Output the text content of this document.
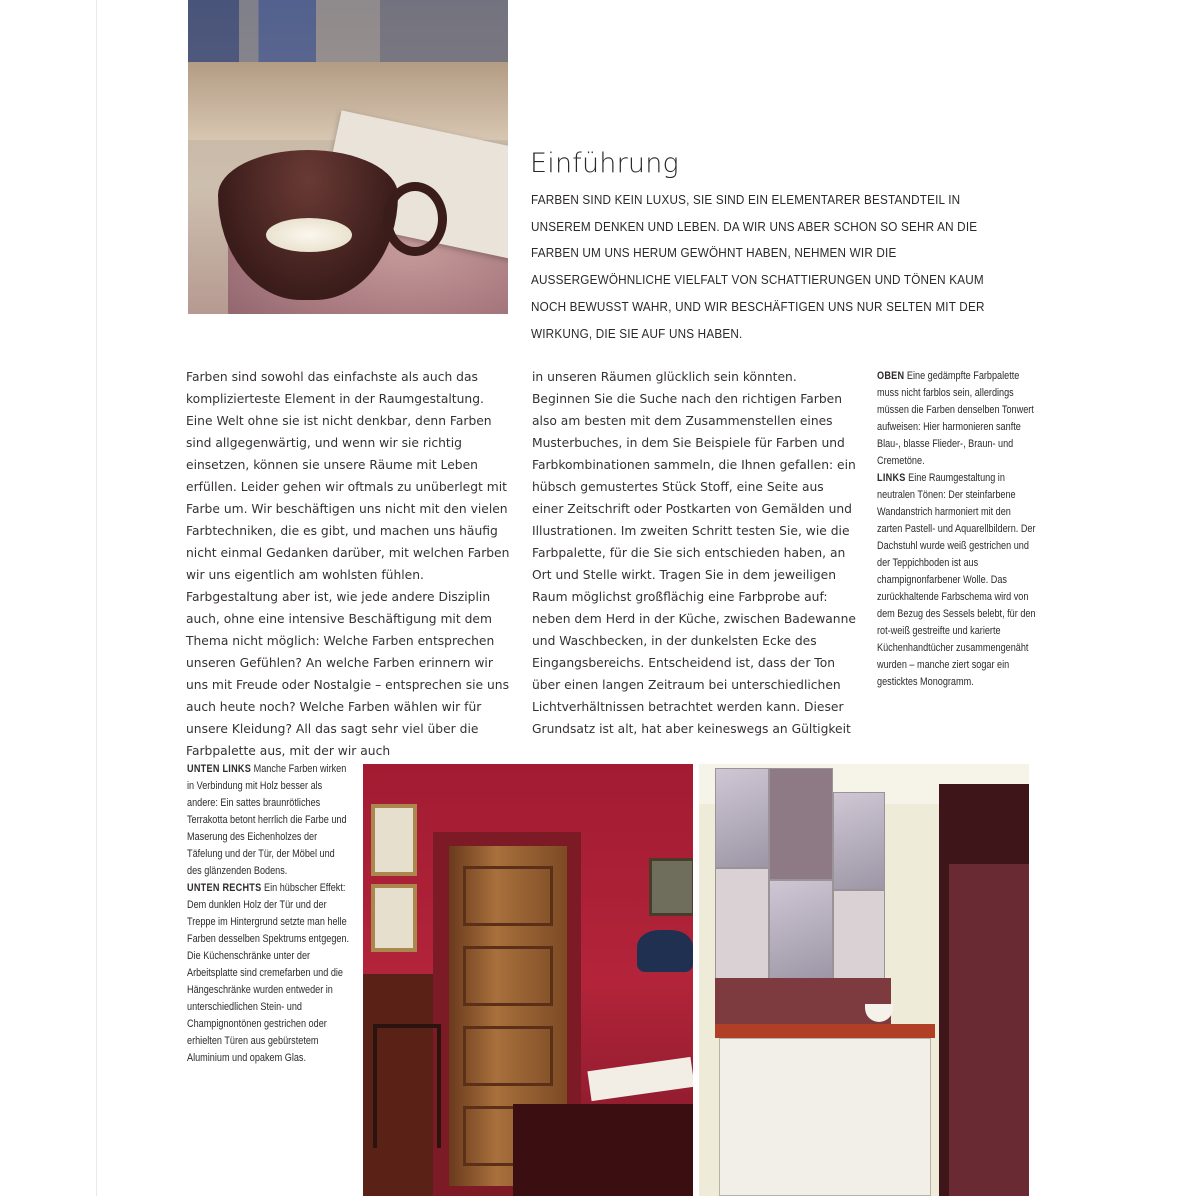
Einführung

FARBEN SIND KEIN LUXUS, SIE SIND EIN ELEMENTARER BESTANDTEIL IN UNSEREM DENKEN UND LEBEN. DA WIR UNS ABER SCHON SO SEHR AN DIE FARBEN UM UNS HERUM GEWÖHNT HABEN, NEHMEN WIR DIE AUSSERGEWÖHNLICHE VIELFALT VON SCHATTIERUNGEN UND TÖNEN KAUM NOCH BEWUSST WAHR, UND WIR BESCHÄFTIGEN UNS NUR SELTEN MIT DER WIRKUNG, DIE SIE AUF UNS HABEN.

Farben sind sowohl das einfachste als auch das komplizierteste Element in der Raumgestaltung. Eine Welt ohne sie ist nicht denkbar, denn Farben sind allgegenwärtig, und wenn wir sie richtig einsetzen, können sie unsere Räume mit Leben erfüllen. Leider gehen wir oftmals zu unüberlegt mit Farbe um. Wir beschäftigen uns nicht mit den vielen Farbtechniken, die es gibt, und machen uns häufig nicht einmal Gedanken darüber, mit welchen Farben wir uns eigentlich am wohlsten fühlen. Farbgestaltung aber ist, wie jede andere Disziplin auch, ohne eine intensive Beschäftigung mit dem Thema nicht möglich: Welche Farben entsprechen unseren Gefühlen? An welche Farben erinnern wir uns mit Freude oder Nostalgie – entsprechen sie uns auch heute noch? Welche Farben wählen wir für unsere Kleidung? All das sagt sehr viel über die Farbpalette aus, mit der wir auch

in unseren Räumen glücklich sein könnten. Beginnen Sie die Suche nach den richtigen Farben also am besten mit dem Zusammenstellen eines Musterbuches, in dem Sie Beispiele für Farben und Farbkombinationen sammeln, die Ihnen gefallen: ein hübsch gemustertes Stück Stoff, eine Seite aus einer Zeitschrift oder Postkarten von Gemälden und Illustrationen. Im zweiten Schritt testen Sie, wie die Farbpalette, für die Sie sich entschieden haben, an Ort und Stelle wirkt. Tragen Sie in dem jeweiligen Raum möglichst großflächig eine Farbprobe auf: neben dem Herd in der Küche, zwischen Badewanne und Waschbecken, in der dunkelsten Ecke des Eingangsbereichs. Entscheidend ist, dass der Ton über einen langen Zeitraum bei unterschiedlichen Lichtverhältnissen betrachtet werden kann. Dieser Grundsatz ist alt, hat aber keineswegs an Gültigkeit

OBEN Eine gedämpfte Farbpalette muss nicht farblos sein, allerdings müssen die Farben denselben Tonwert aufweisen: Hier harmonieren sanfte Blau-, blasse Flieder-, Braun- und Cremetöne.

LINKS Eine Raumgestaltung in neutralen Tönen: Der steinfarbene Wandanstrich harmoniert mit den zarten Pastell- und Aquarellbildern. Der Dachstuhl wurde weiß gestrichen und der Teppichboden ist aus champignonfarbener Wolle. Das zurückhaltende Farbschema wird von dem Bezug des Sessels belebt, für den rot-weiß gestreifte und karierte Küchenhandtücher zusammengenäht wurden – manche ziert sogar ein gesticktes Monogramm.

UNTEN LINKS Manche Farben wirken in Verbindung mit Holz besser als andere: Ein sattes braunrötliches Terrakotta betont herrlich die Farbe und Maserung des Eichenholzes der Täfelung und der Tür, der Möbel und des glänzenden Bodens.

UNTEN RECHTS Ein hübscher Effekt: Dem dunklen Holz der Tür und der Treppe im Hintergrund setzte man helle Farben desselben Spektrums entgegen. Die Küchenschränke unter der Arbeitsplatte sind cremefarben und die Hängeschränke wurden entweder in unterschiedlichen Stein- und Champignontönen gestrichen oder erhielten Türen aus gebürstetem Aluminium und opakem Glas.
